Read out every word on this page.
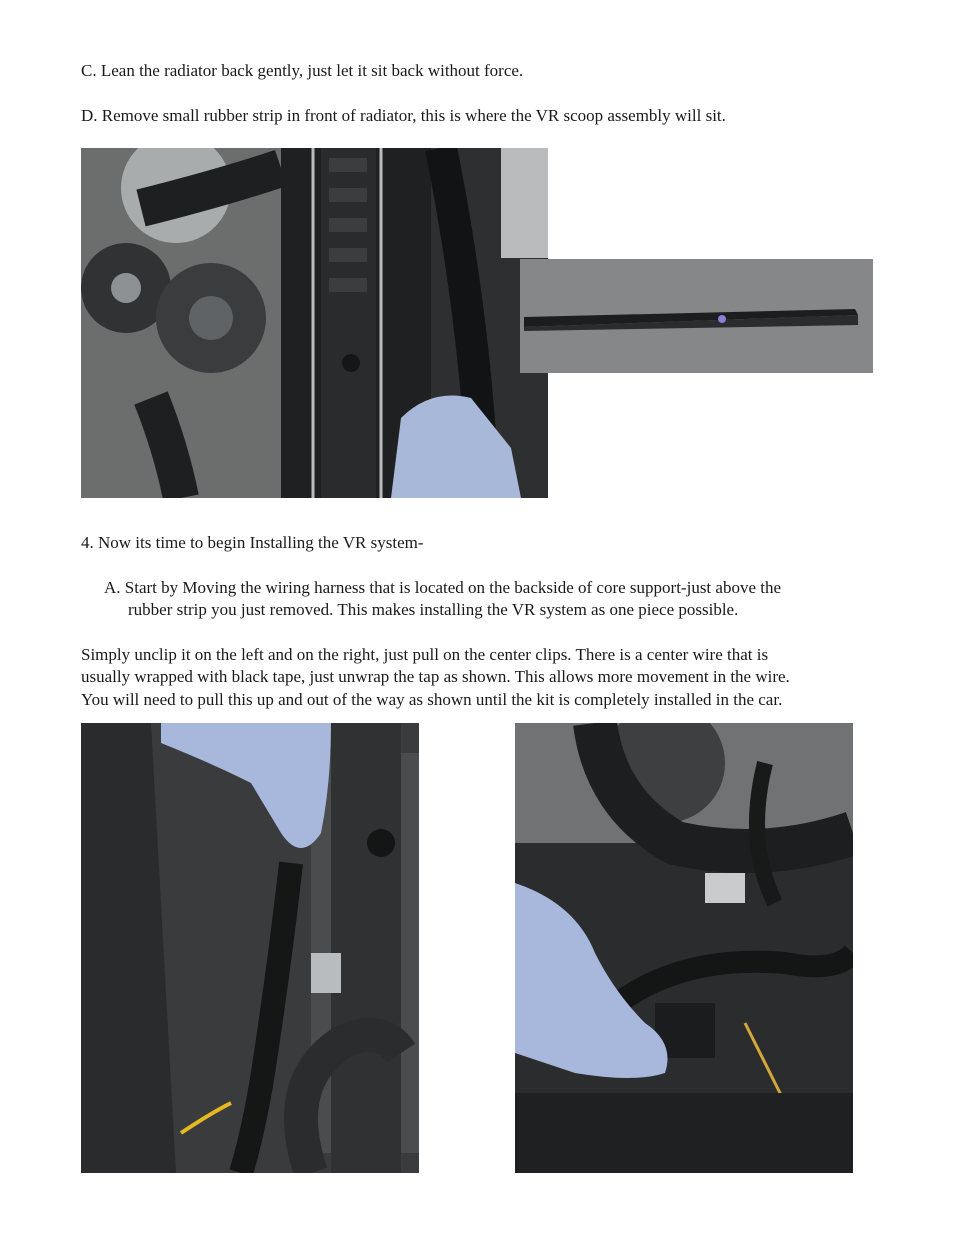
C. Lean the radiator back gently, just let it sit back without force.

D. Remove small rubber strip in front of radiator, this is where the VR scoop assembly will sit.

4. Now its time to begin Installing the VR system-

A. Start by Moving the wiring harness that is located on the backside of core support-just above the

rubber strip you just removed. This makes installing the VR system as one piece possible.

Simply unclip it on the left and on the right, just pull on the center clips. There is a center wire that is

usually wrapped with black tape, just unwrap the tap as shown. This allows more movement in the wire.

You will need to pull this up and out of the way as shown until the kit is completely installed in the car.
